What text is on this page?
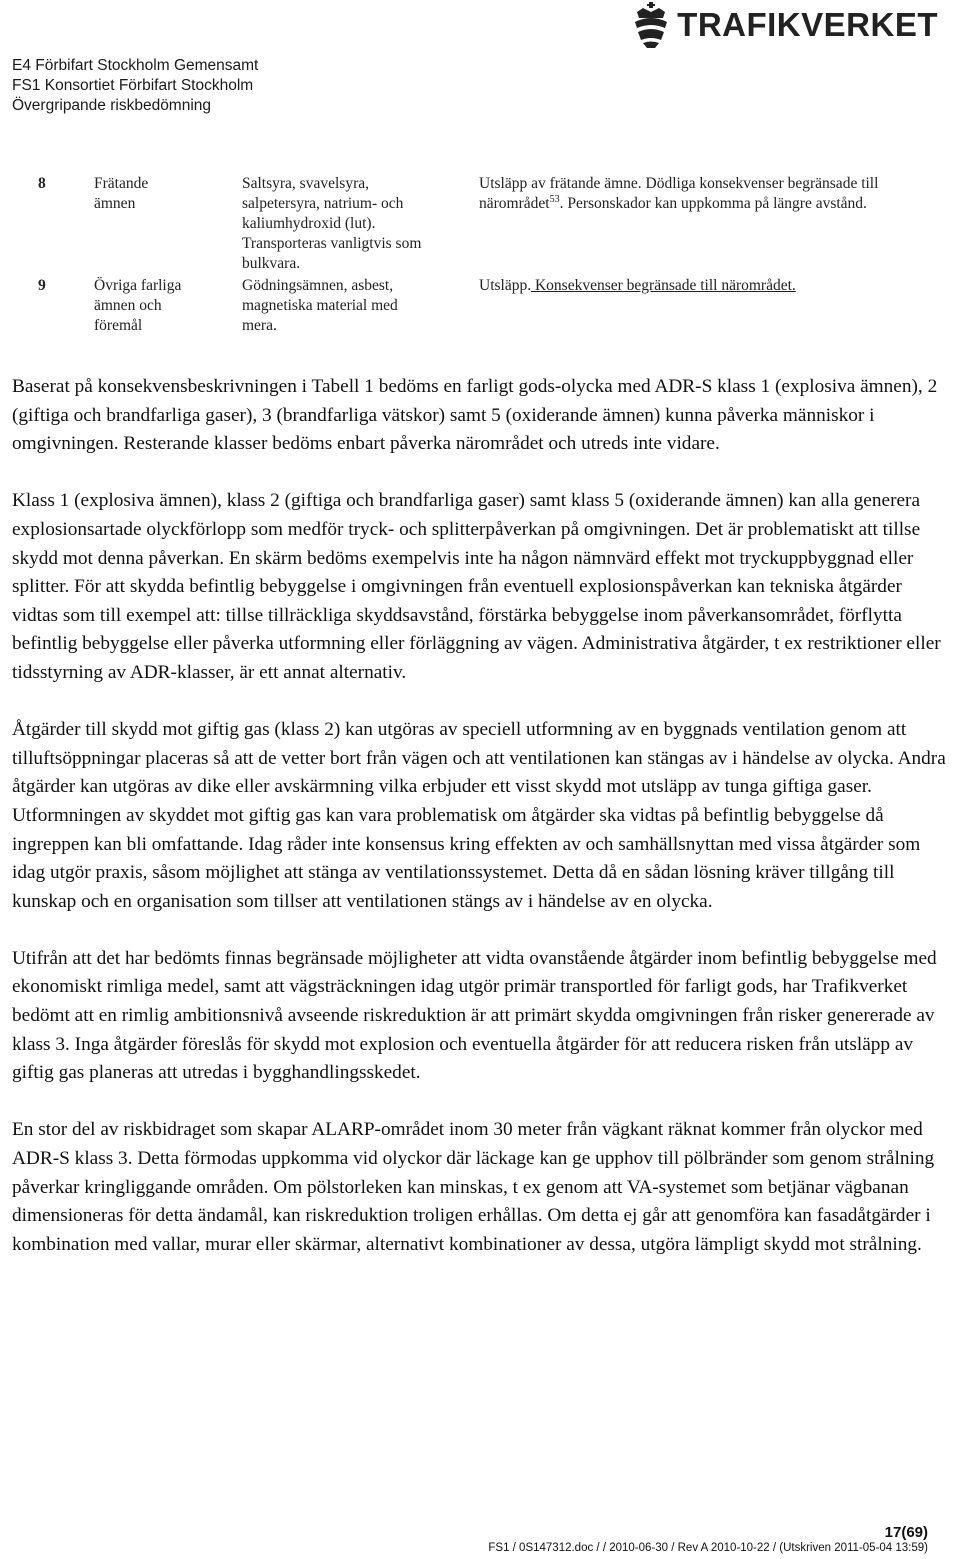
E4 Förbifart Stockholm Gemensamt
FS1 Konsortiet Förbifart Stockholm
Övergripande riskbedömning
TRAFIKVERKET
8	Frätande
ämnen
Saltsyra, svavelsyra,
salpetersyra, natrium- och
kaliumhydroxid (lut).
Transporteras vanligtvis som
bulkvara.
Utsläpp av frätande ämne. Dödliga konsekvenser begränsade till
närområdet$^{53}$. Personskador kan uppkomma på längre avstånd.
9	Övriga farliga
ämnen och
föremål
Gödningsämnen, asbest,
magnetiska material med
mera.
Utsläpp. Konsekvenser begränsade till närområdet.

Baserat på konsekvensbeskrivningen i Tabell 1 bedöms en farligt gods-olycka med ADR-S klass 1 (explosiva ämnen), 2 (giftiga och brandfarliga gaser), 3 (brandfarliga vätskor) samt 5 (oxiderande ämnen) kunna påverka människor i omgivningen. Resterande klasser bedöms enbart påverka närområdet och utreds inte vidare.

Klass 1 (explosiva ämnen), klass 2 (giftiga och brandfarliga gaser) samt klass 5 (oxiderande ämnen) kan alla generera explosionsartade olyckförlopp som medför tryck- och splitterpåverkan på omgivningen. Det är problematiskt att tillse skydd mot denna påverkan. En skärm bedöms exempelvis inte ha någon nämnvärd effekt mot tryckuppbyggnad eller splitter. För att skydda befintlig bebyggelse i omgivningen från eventuell explosionspåverkan kan tekniska åtgärder vidtas som till exempel att: tillse tillräckliga skyddsavstånd, förstärka bebyggelse inom påverkansområdet, förflytta befintlig bebyggelse eller påverka utformning eller förläggning av vägen. Administrativa åtgärder, t ex restriktioner eller tidsstyrning av ADR-klasser, är ett annat alternativ.

Åtgärder till skydd mot giftig gas (klass 2) kan utgöras av speciell utformning av en byggnads ventilation genom att tilluftsöppningar placeras så att de vetter bort från vägen och att ventilationen kan stängas av i händelse av olycka. Andra åtgärder kan utgöras av dike eller avskärmning vilka erbjuder ett visst skydd mot utsläpp av tunga giftiga gaser. Utformningen av skyddet mot giftig gas kan vara problematisk om åtgärder ska vidtas på befintlig bebyggelse då ingreppen kan bli omfattande. Idag råder inte konsensus kring effekten av och samhällsnyttan med vissa åtgärder som idag utgör praxis, såsom möjlighet att stänga av ventilationssystemet. Detta då en sådan lösning kräver tillgång till kunskap och en organisation som tillser att ventilationen stängs av i händelse av en olycka.

Utifrån att det har bedömts finnas begränsade möjligheter att vidta ovanstående åtgärder inom befintlig bebyggelse med ekonomiskt rimliga medel, samt att vägsträckningen idag utgör primär transportled för farligt gods, har Trafikverket bedömt att en rimlig ambitionsnivå avseende riskreduktion är att primärt skydda omgivningen från risker genererade av klass 3. Inga åtgärder föreslås för skydd mot explosion och eventuella åtgärder för att reducera risken från utsläpp av giftig gas planeras att utredas i bygghandlingsskedet.

En stor del av riskbidraget som skapar ALARP-området inom 30 meter från vägkant räknat kommer från olyckor med ADR-S klass 3. Detta förmodas uppkomma vid olyckor där läckage kan ge upphov till pölbränder som genom strålning påverkar kringliggande områden. Om pölstorleken kan minskas, t ex genom att VA-systemet som betjänar vägbanan dimensioneras för detta ändamål, kan riskreduktion troligen erhållas. Om detta ej går att genomföra kan fasadåtgärder i kombination med vallar, murar eller skärmar, alternativt kombinationer av dessa, utgöra lämpligt skydd mot strålning.

17(69)
FS1 / 0S147312.doc / / 2010-06-30 / Rev A 2010-10-22 / (Utskriven 2011-05-04 13:59)
